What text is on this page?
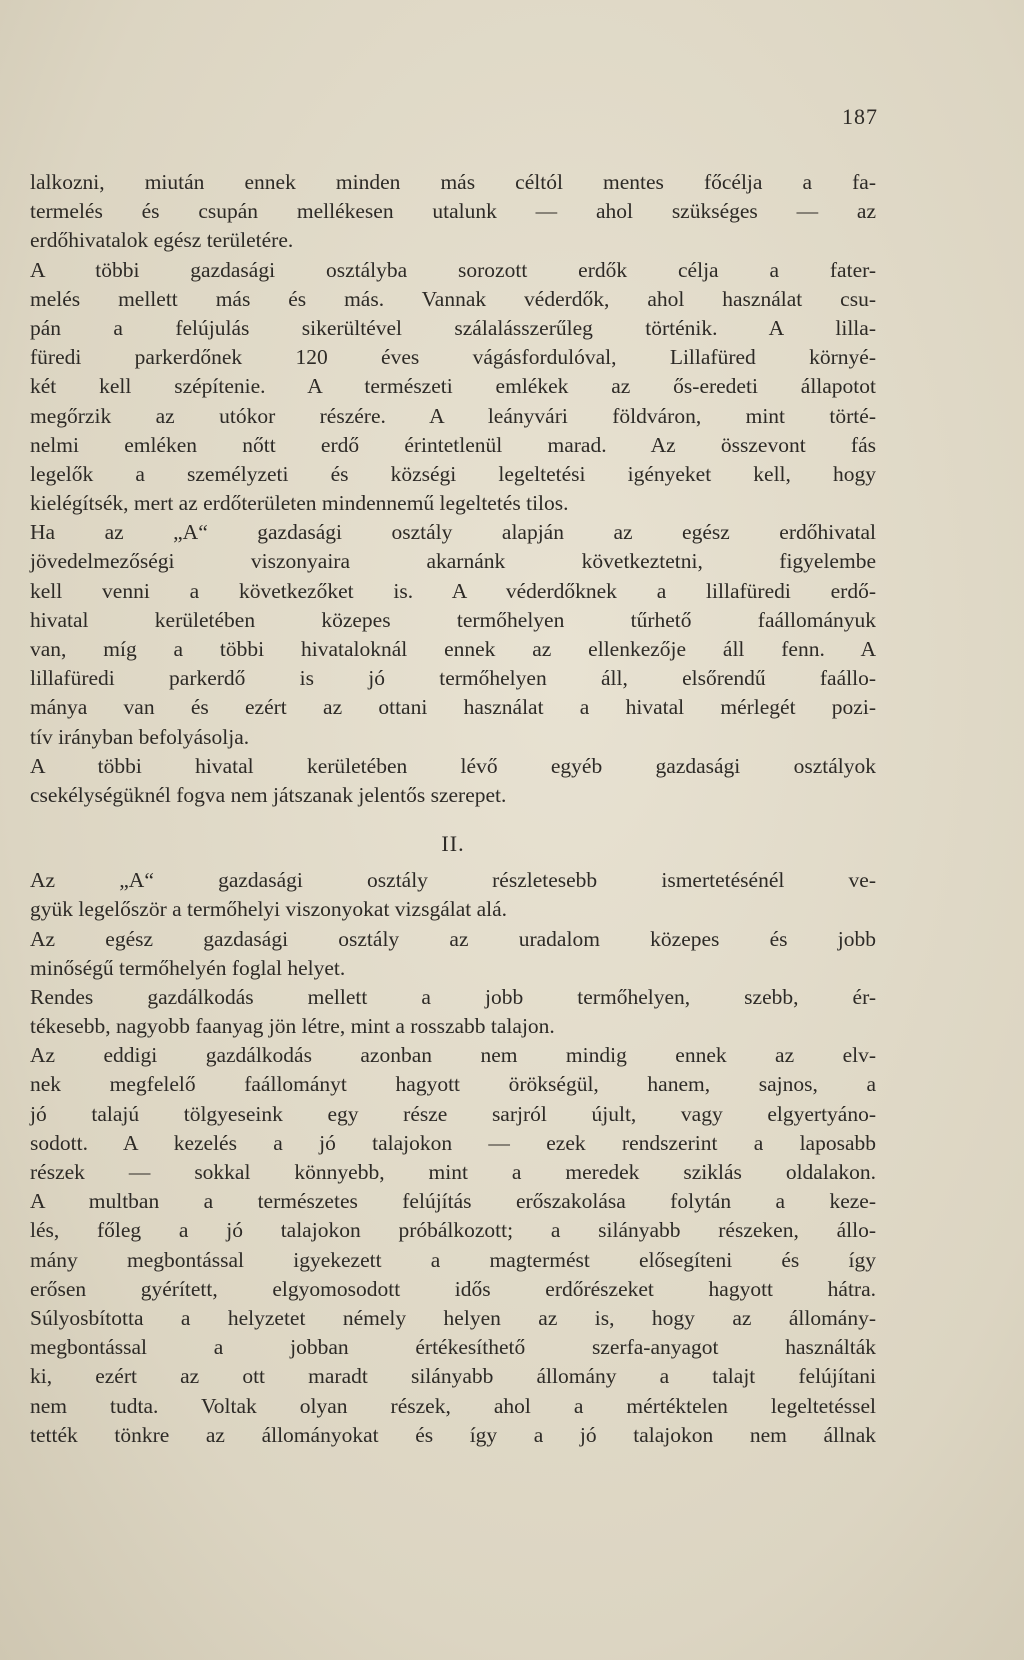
187
lalkozni, miután ennek minden más céltól mentes főcélja a fa-
termelés és csupán mellékesen utalunk — ahol szükséges — az
erdőhivatalok egész területére.
A többi gazdasági osztályba sorozott erdők célja a fater-
melés mellett más és más. Vannak véderdők, ahol használat csu-
pán a felújulás sikerültével szálalásszerűleg történik. A lilla-
füredi parkerdőnek 120 éves vágásfordulóval, Lillafüred környé-
két kell szépítenie. A természeti emlékek az ős-eredeti állapotot
megőrzik az utókor részére. A leányvári földváron, mint törté-
nelmi emléken nőtt erdő érintetlenül marad. Az összevont fás
legelők a személyzeti és községi legeltetési igényeket kell, hogy
kielégítsék, mert az erdőterületen mindennemű legeltetés tilos.
Ha az „A“ gazdasági osztály alapján az egész erdőhivatal
jövedelmezőségi viszonyaira akarnánk következtetni, figyelembe
kell venni a következőket is. A véderdőknek a lillafüredi erdő-
hivatal kerületében közepes termőhelyen tűrhető faállományuk
van, míg a többi hivataloknál ennek az ellenkezője áll fenn. A
lillafüredi parkerdő is jó termőhelyen áll, elsőrendű faállo-
mánya van és ezért az ottani használat a hivatal mérlegét pozi-
tív irányban befolyásolja.
A többi hivatal kerületében lévő egyéb gazdasági osztályok
csekélységüknél fogva nem játszanak jelentős szerepet.
II.
Az „A“ gazdasági osztály részletesebb ismertetésénél ve-
gyük legelőször a termőhelyi viszonyokat vizsgálat alá.
Az egész gazdasági osztály az uradalom közepes és jobb
minőségű termőhelyén foglal helyet.
Rendes gazdálkodás mellett a jobb termőhelyen, szebb, ér-
tékesebb, nagyobb faanyag jön létre, mint a rosszabb talajon.
Az eddigi gazdálkodás azonban nem mindig ennek az elv-
nek megfelelő faállományt hagyott örökségül, hanem, sajnos, a
jó talajú tölgyeseink egy része sarjról újult, vagy elgyertyáno-
sodott. A kezelés a jó talajokon — ezek rendszerint a laposabb
részek — sokkal könnyebb, mint a meredek sziklás oldalakon.
A multban a természetes felújítás erőszakolása folytán a keze-
lés, főleg a jó talajokon próbálkozott; a silányabb részeken, állo-
mány megbontással igyekezett a magtermést elősegíteni és így
erősen gyérített, elgyomosodott idős erdőrészeket hagyott hátra.
Súlyosbította a helyzetet némely helyen az is, hogy az állomány-
megbontással a jobban értékesíthető szerfa-anyagot használták
ki, ezért az ott maradt silányabb állomány a talajt felújítani
nem tudta. Voltak olyan részek, ahol a mértéktelen legeltetéssel
tették tönkre az állományokat és így a jó talajokon nem állnak
